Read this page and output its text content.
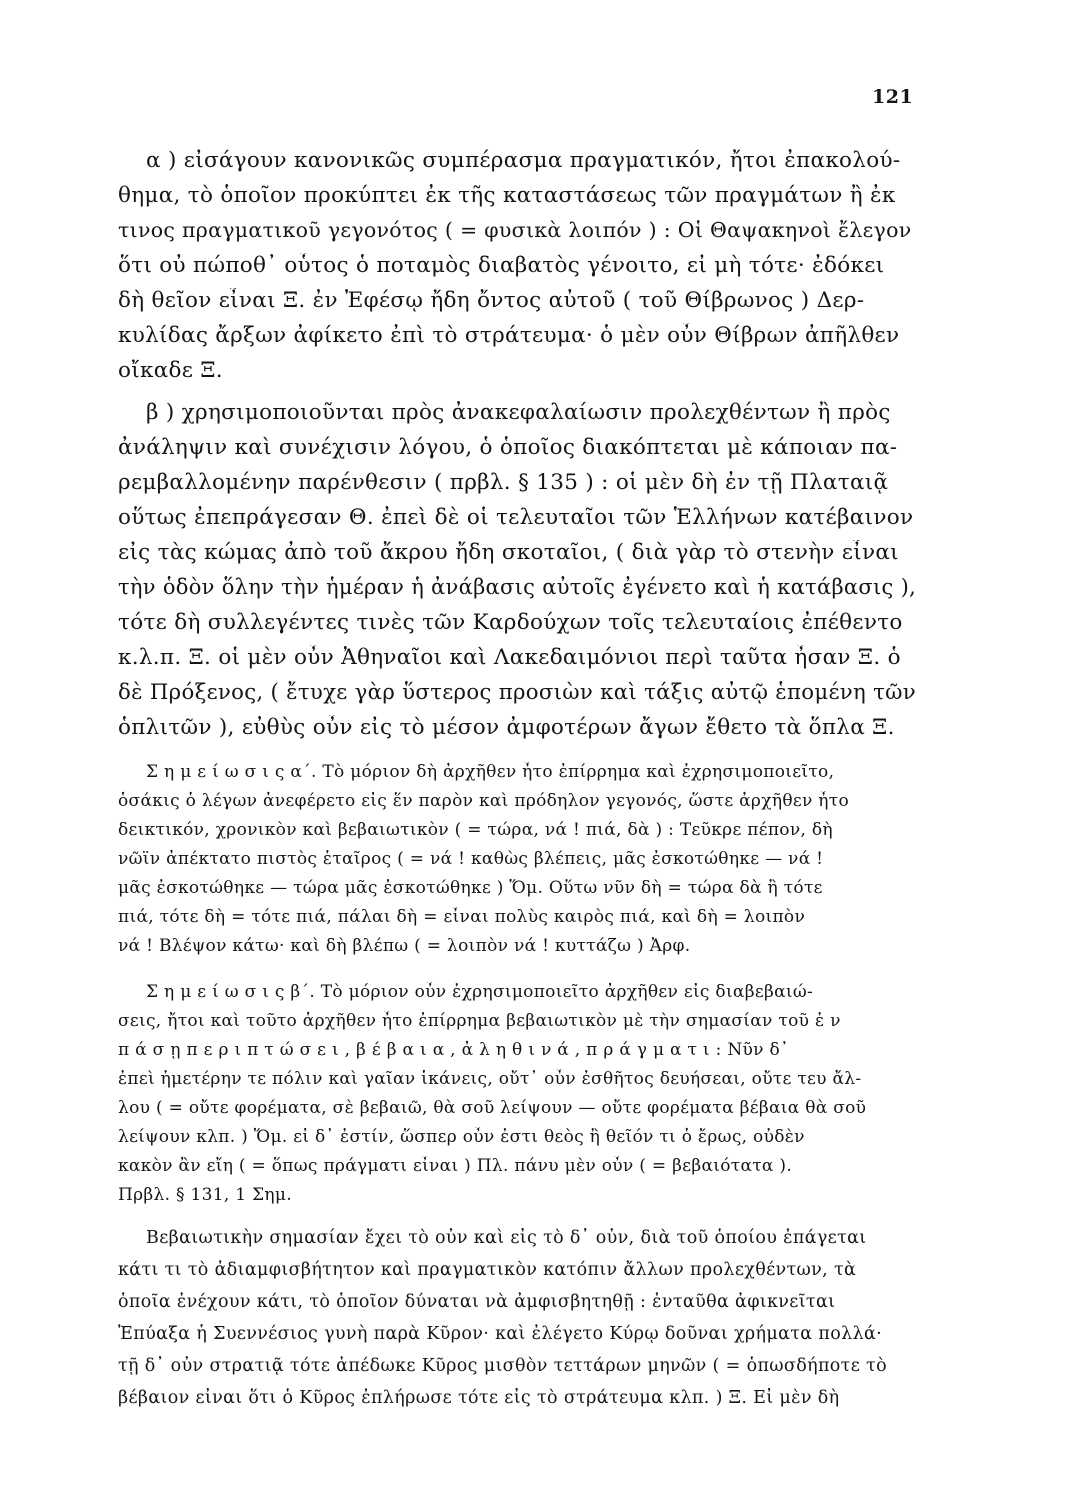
121
α ) εἰσάγουν κανονικῶς συμπέρασμα πραγματικόν, ἤτοι ἐπακολού-
θημα, τὸ ὁποῖον προκύπτει ἐκ τῆς καταστάσεως τῶν πραγμάτων ἢ ἐκ
τινος πραγματικοῦ γεγονότος ( = φυσικὰ λοιπόν ) : Οἱ Θαψακηνοὶ ἔλεγον
ὅτι οὐ πώποθ᾽ οὗτος ὁ ποταμὸς διαβατὸς γένοιτο, εἰ μὴ τότε· ἐδόκει
δὴ θεῖον εἶναι Ξ. ἐν Ἐφέσῳ ἤδη ὄντος αὐτοῦ ( τοῦ Θίβρωνος ) Δερ-
κυλίδας ἄρξων ἀφίκετο ἐπὶ τὸ στράτευμα· ὁ μὲν οὖν Θίβρων ἀπῆλθεν
οἴκαδε Ξ.
β ) χρησιμοποιοῦνται πρὸς ἀνακεφαλαίωσιν προλεχθέντων ἢ πρὸς
ἀνάληψιν καὶ συνέχισιν λόγου, ὁ ὁποῖος διακόπτεται μὲ κάποιαν πα-
ρεμβαλλομένην παρένθεσιν ( πρβλ. § 135 ) : οἱ μὲν δὴ ἐν τῇ Πλαταιᾷ
οὕτως ἐπεπράγεσαν Θ. ἐπεὶ δὲ οἱ τελευταῖοι τῶν Ἑλλήνων κατέβαινον
εἰς τὰς κώμας ἀπὸ τοῦ ἄκρου ἤδη σκοταῖοι, ( διὰ γὰρ τὸ στενὴν εἶναι
τὴν ὁδὸν ὅλην τὴν ἡμέραν ἡ ἀνάβασις αὐτοῖς ἐγένετο καὶ ἡ κατάβασις ),
τότε δὴ συλλεγέντες τινὲς τῶν Καρδούχων τοῖς τελευταίοις ἐπέθεντο
κ.λ.π. Ξ. οἱ μὲν οὖν Ἀθηναῖοι καὶ Λακεδαιμόνιοι περὶ ταῦτα ἦσαν Ξ. ὁ
δὲ Πρόξενος, ( ἔτυχε γὰρ ὕστερος προσιὼν καὶ τάξις αὐτῷ ἑπομένη τῶν
ὁπλιτῶν ), εὐθὺς οὖν εἰς τὸ μέσον ἀμφοτέρων ἄγων ἔθετο τὰ ὅπλα Ξ.
Σ η μ ε ί ω σ ι ς α΄. Τὸ μόριον δὴ ἀρχῆθεν ἦτο ἐπίρρημα καὶ ἐχρησιμοποιεῖτο,
ὁσάκις ὁ λέγων ἀνεφέρετο εἰς ἕν παρὸν καὶ πρόδηλον γεγονός, ὥστε ἀρχῆθεν ἦτο
δεικτικόν, χρονικὸν καὶ βεβαιωτικὸν ( = τώρα, νά ! πιά, δὰ ) : Τεῦκρε πέπον, δὴ
νῶϊν ἀπέκτατο πιστὸς ἑταῖρος ( = νά ! καθὼς βλέπεις, μᾶς ἐσκοτώθηκε — νά !
μᾶς ἐσκοτώθηκε — τώρα μᾶς ἐσκοτώθηκε ) Ὅμ. Οὕτω νῦν δὴ = τώρα δὰ ἢ τότε
πιά, τότε δὴ = τότε πιά, πάλαι δὴ = εἶναι πολὺς καιρὸς πιά, καὶ δὴ = λοιπὸν
νά ! Βλέψον κάτω· καὶ δὴ βλέπω ( = λοιπὸν νά ! κυττάζω ) Ἀρφ.
Σ η μ ε ί ω σ ι ς β΄. Τὸ μόριον οὖν ἐχρησιμοποιεῖτο ἀρχῆθεν εἰς διαβεβαιώ-
σεις, ἤτοι καὶ τοῦτο ἀρχῆθεν ἦτο ἐπίρρημα βεβαιωτικὸν μὲ τὴν σημασίαν τοῦ ἐ ν
π ά σ ῃ π ε ρ ι π τ ώ σ ε ι , β έ β α ι α , ἀ λ η θ ι ν ά , π ρ ά γ μ α τ ι : Νῦν δ᾽
ἐπεὶ ἡμετέρην τε πόλιν καὶ γαῖαν ἱκάνεις, οὔτ᾽ οὖν ἐσθῆτος δευήσεαι, οὔτε τευ ἄλ-
λου ( = οὔτε φορέματα, σὲ βεβαιῶ, θὰ σοῦ λείψουν — οὔτε φορέματα βέβαια θὰ σοῦ
λείψουν κλπ. ) Ὅμ. εἰ δ᾽ ἐστίν, ὥσπερ οὖν ἐστι θεὸς ἢ θεῖόν τι ὁ ἔρως, οὐδὲν
κακὸν ἂν εἴη ( = ὅπως πράγματι εἶναι ) Πλ. πάνυ μὲν οὖν ( = βεβαιότατα ).
Πρβλ. § 131, 1 Σημ.
Βεβαιωτικὴν σημασίαν ἔχει τὸ οὖν καὶ εἰς τὸ δ᾽ οὖν, διὰ τοῦ ὁποίου ἐπάγεται
κάτι τι τὸ ἀδιαμφισβήτητον καὶ πραγματικὸν κατόπιν ἄλλων προλεχθέντων, τὰ
ὁποῖα ἐνέχουν κάτι, τὸ ὁποῖον δύναται νὰ ἀμφισβητηθῇ : ἐνταῦθα ἀφικνεῖται
Ἐπύαξα ἡ Συεννέσιος γυνὴ παρὰ Κῦρον· καὶ ἐλέγετο Κύρῳ δοῦναι χρήματα πολλά·
τῇ δ᾽ οὖν στρατιᾷ τότε ἀπέδωκε Κῦρος μισθὸν τεττάρων μηνῶν ( = ὁπωσδήποτε τὸ
βέβαιον εἶναι ὅτι ὁ Κῦρος ἐπλήρωσε τότε εἰς τὸ στράτευμα κλπ. ) Ξ. Εἰ μὲν δὴ
